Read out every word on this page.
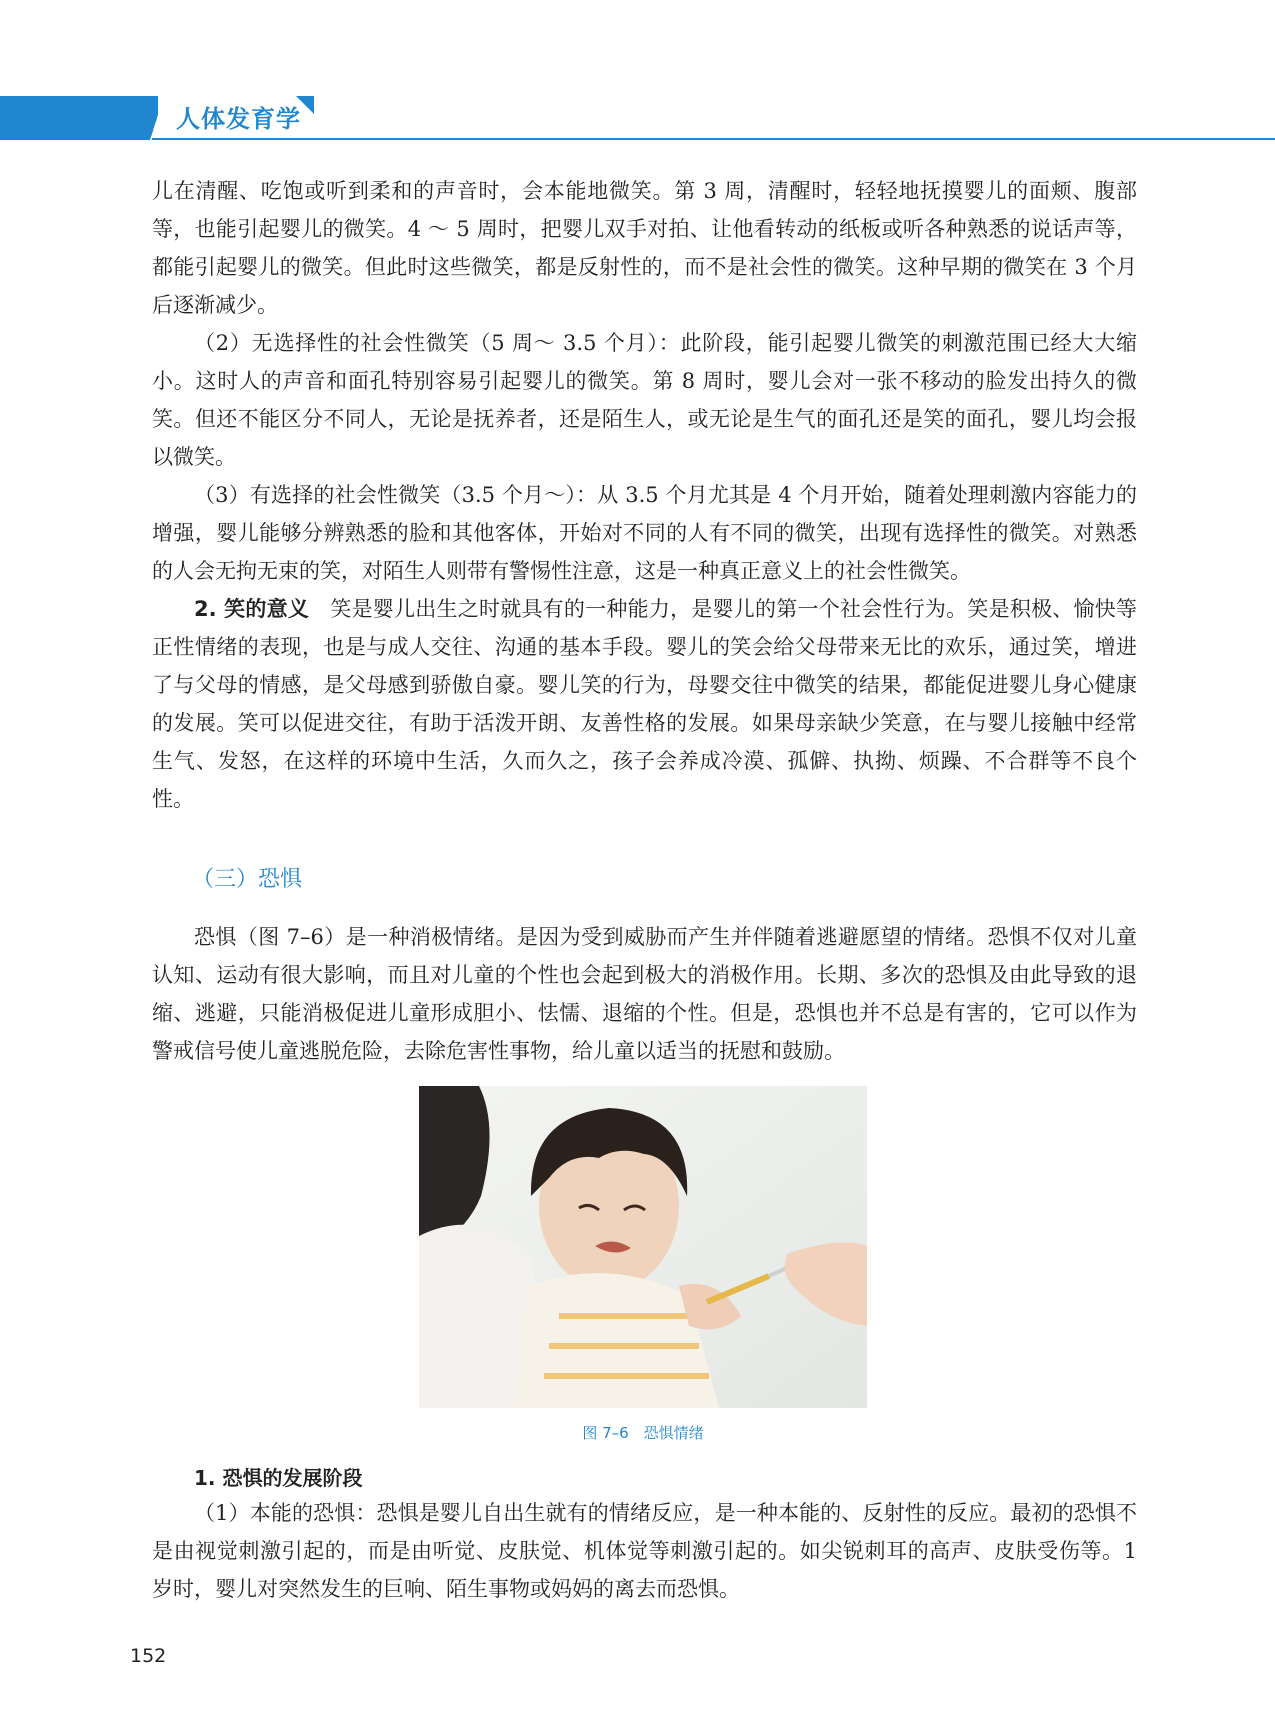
人体发育学

儿在清醒、吃饱或听到柔和的声音时，会本能地微笑。第 3 周，清醒时，轻轻地抚摸婴儿的面颊、腹部等，也能引起婴儿的微笑。4 ～ 5 周时，把婴儿双手对拍、让他看转动的纸板或听各种熟悉的说话声等，都能引起婴儿的微笑。但此时这些微笑，都是反射性的，而不是社会性的微笑。这种早期的微笑在 3 个月后逐渐减少。

（2）无选择性的社会性微笑（5 周～ 3.5 个月）：此阶段，能引起婴儿微笑的刺激范围已经大大缩小。这时人的声音和面孔特别容易引起婴儿的微笑。第 8 周时，婴儿会对一张不移动的脸发出持久的微笑。但还不能区分不同人，无论是抚养者，还是陌生人，或无论是生气的面孔还是笑的面孔，婴儿均会报以微笑。

（3）有选择的社会性微笑（3.5 个月～）：从 3.5 个月尤其是 4 个月开始，随着处理刺激内容能力的增强，婴儿能够分辨熟悉的脸和其他客体，开始对不同的人有不同的微笑，出现有选择性的微笑。对熟悉的人会无拘无束的笑，对陌生人则带有警惕性注意，这是一种真正意义上的社会性微笑。

2. 笑的意义　 笑是婴儿出生之时就具有的一种能力，是婴儿的第一个社会性行为。笑是积极、愉快等正性情绪的表现，也是与成人交往、沟通的基本手段。婴儿的笑会给父母带来无比的欢乐，通过笑，增进了与父母的情感，是父母感到骄傲自豪。婴儿笑的行为，母婴交往中微笑的结果，都能促进婴儿身心健康的发展。笑可以促进交往，有助于活泼开朗、友善性格的发展。如果母亲缺少笑意，在与婴儿接触中经常生气、发怒，在这样的环境中生活，久而久之，孩子会养成冷漠、孤僻、执拗、烦躁、不合群等不良个性。

（三）恐惧

恐惧（图 7–6）是一种消极情绪。是因为受到威胁而产生并伴随着逃避愿望的情绪。恐惧不仅对儿童认知、运动有很大影响，而且对儿童的个性也会起到极大的消极作用。长期、多次的恐惧及由此导致的退缩、逃避，只能消极促进儿童形成胆小、怯懦、退缩的个性。但是，恐惧也并不总是有害的，它可以作为警戒信号使儿童逃脱危险，去除危害性事物，给儿童以适当的抚慰和鼓励。

图 7–6　恐惧情绪
1. 恐惧的发展阶段

（1）本能的恐惧：恐惧是婴儿自出生就有的情绪反应，是一种本能的、反射性的反应。最初的恐惧不是由视觉刺激引起的，而是由听觉、皮肤觉、机体觉等刺激引起的。如尖锐刺耳的高声、皮肤受伤等。1 岁时，婴儿对突然发生的巨响、陌生事物或妈妈的离去而恐惧。

152
